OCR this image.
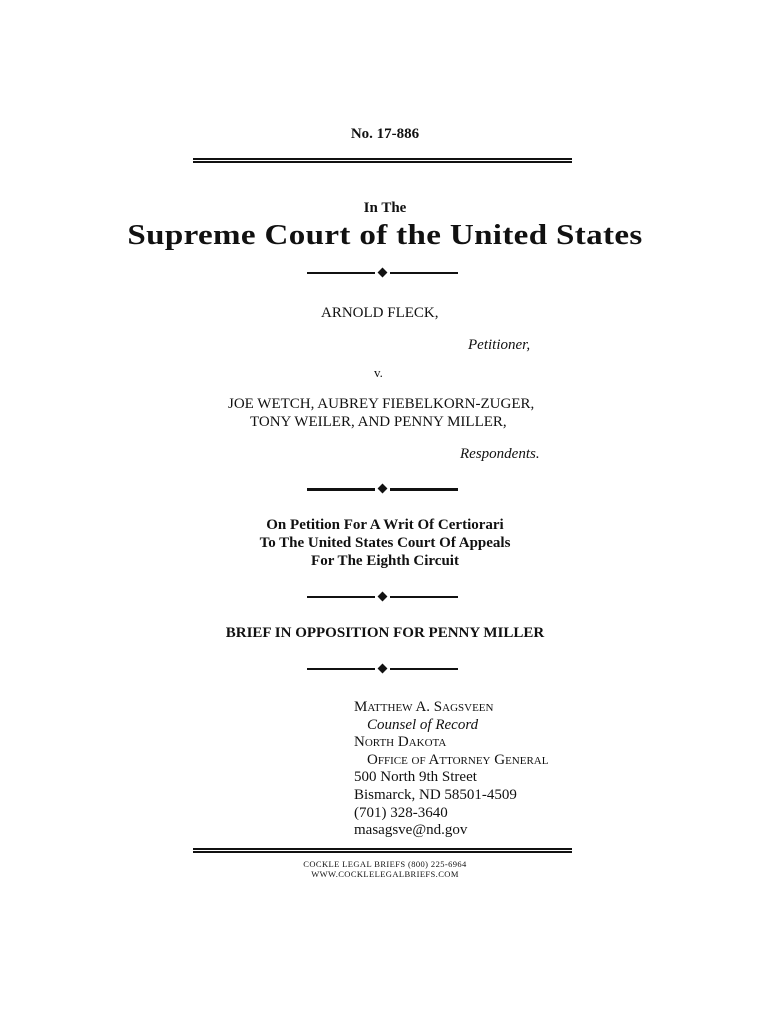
No. 17-886
In The
Supreme Court of the United States
ARNOLD FLECK,
Petitioner,
v.
JOE WETCH, AUBREY FIEBELKORN-ZUGER,
TONY WEILER, AND PENNY MILLER,
Respondents.
On Petition For A Writ Of Certiorari
To The United States Court Of Appeals
For The Eighth Circuit
BRIEF IN OPPOSITION FOR PENNY MILLER
Matthew A. Sagsveen
Counsel of Record
North Dakota
Office of Attorney General
500 North 9th Street
Bismarck, ND 58501-4509
(701) 328-3640
masagsve@nd.gov
COCKLE LEGAL BRIEFS (800) 225-6964
WWW.COCKLELEGALBRIEFS.COM
